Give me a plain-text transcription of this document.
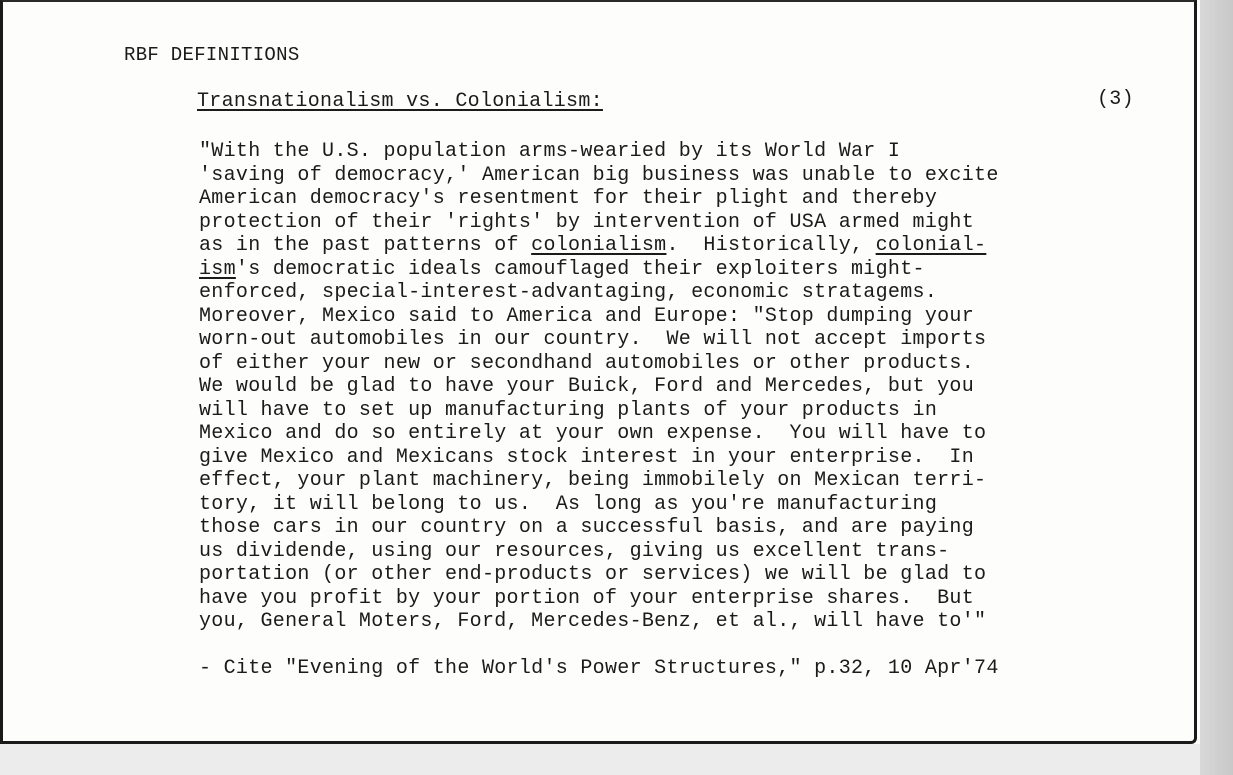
RBF DEFINITIONS
Transnationalism vs. Colonialism:	(3)
"With the U.S. population arms-wearied by its World War I
'saving of democracy,' American big business was unable to excite
American democracy's resentment for their plight and thereby
protection of their 'rights' by intervention of USA armed might
as in the past patterns of colonialism.  Historically, colonial-
ism's democratic ideals camouflaged their exploiters might-
enforced, special-interest-advantaging, economic stratagems.
Moreover, Mexico said to America and Europe: "Stop dumping your
worn-out automobiles in our country.  We will not accept imports
of either your new or secondhand automobiles or other products.
We would be glad to have your Buick, Ford and Mercedes, but you
will have to set up manufacturing plants of your products in
Mexico and do so entirely at your own expense.  You will have to
give Mexico and Mexicans stock interest in your enterprise.  In
effect, your plant machinery, being immobilely on Mexican terri-
tory, it will belong to us.  As long as you're manufacturing
those cars in our country on a successful basis, and are paying
us dividende, using our resources, giving us excellent trans-
portation (or other end-products or services) we will be glad to
have you profit by your portion of your enterprise shares.  But
you, General Moters, Ford, Mercedes-Benz, et al., will have to'"
- Cite "Evening of the World's Power Structures," p.32, 10 Apr'74
